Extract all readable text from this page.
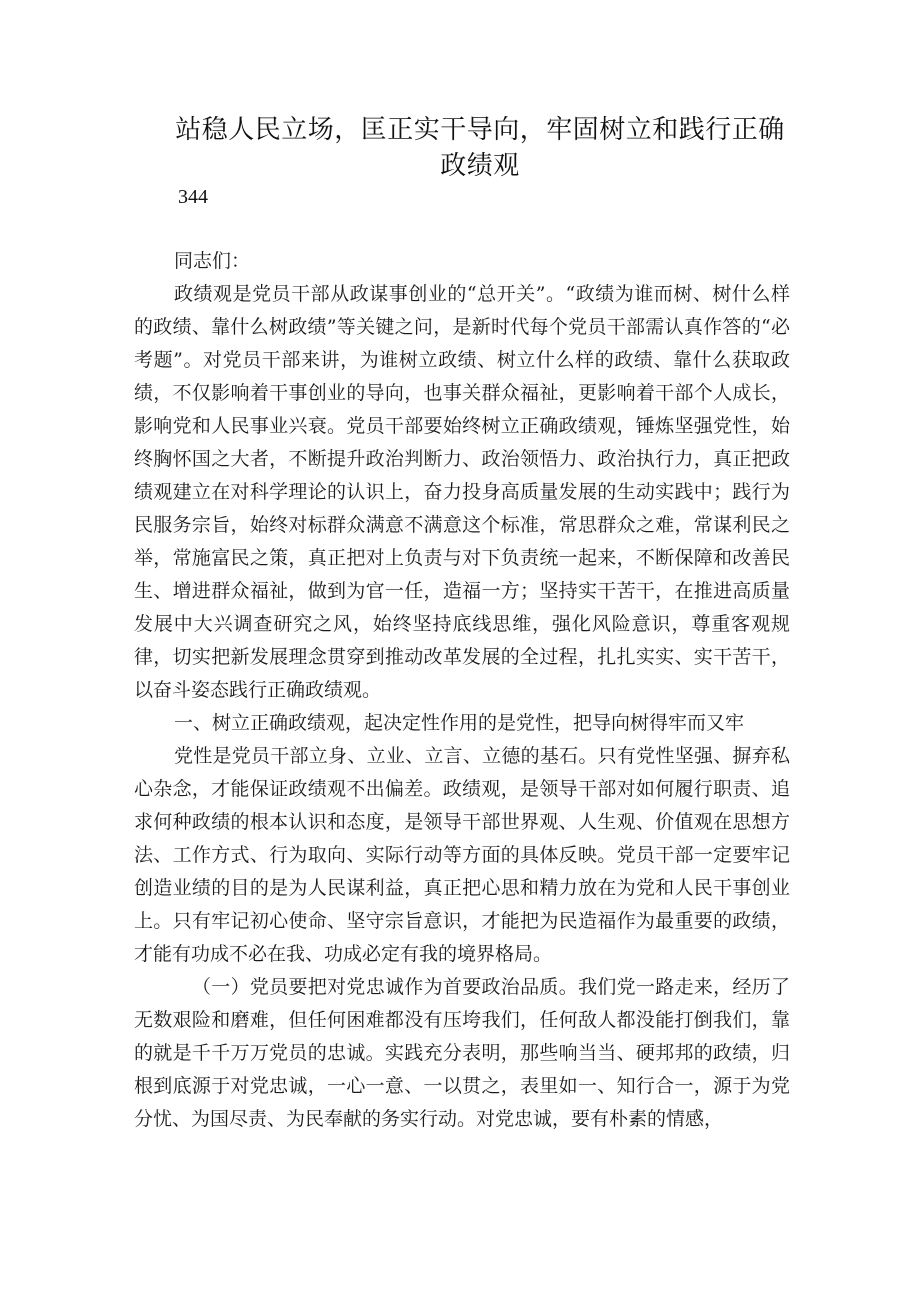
站稳人民立场，匡正实干导向，牢固树立和践行正确政绩观
344

同志们：

政绩观是党员干部从政谋事创业的“总开关”。“政绩为谁而树、树什么样的政绩、靠什么树政绩”等关键之问，是新时代每个党员干部需认真作答的“必考题”。对党员干部来讲，为谁树立政绩、树立什么样的政绩、靠什么获取政绩，不仅影响着干事创业的导向，也事关群众福祉，更影响着干部个人成长，影响党和人民事业兴衰。党员干部要始终树立正确政绩观，锤炼坚强党性，始终胸怀国之大者，不断提升政治判断力、政治领悟力、政治执行力，真正把政绩观建立在对科学理论的认识上，奋力投身高质量发展的生动实践中；践行为民服务宗旨，始终对标群众满意不满意这个标准，常思群众之难，常谋利民之举，常施富民之策，真正把对上负责与对下负责统一起来，不断保障和改善民生、增进群众福祉，做到为官一任，造福一方；坚持实干苦干，在推进高质量发展中大兴调查研究之风，始终坚持底线思维，强化风险意识，尊重客观规律，切实把新发展理念贯穿到推动改革发展的全过程，扎扎实实、实干苦干，以奋斗姿态践行正确政绩观。

一、树立正确政绩观，起决定性作用的是党性，把导向树得牢而又牢

党性是党员干部立身、立业、立言、立德的基石。只有党性坚强、摒弃私心杂念，才能保证政绩观不出偏差。政绩观，是领导干部对如何履行职责、追求何种政绩的根本认识和态度，是领导干部世界观、人生观、价值观在思想方法、工作方式、行为取向、实际行动等方面的具体反映。党员干部一定要牢记创造业绩的目的是为人民谋利益，真正把心思和精力放在为党和人民干事创业上。只有牢记初心使命、坚守宗旨意识，才能把为民造福作为最重要的政绩，才能有功成不必在我、功成必定有我的境界格局。

（一）党员要把对党忠诚作为首要政治品质。我们党一路走来，经历了无数艰险和磨难，但任何困难都没有压垮我们，任何敌人都没能打倒我们，靠的就是千千万万党员的忠诚。实践充分表明，那些响当当、硬邦邦的政绩，归根到底源于对党忠诚，一心一意、一以贯之，表里如一、知行合一，源于为党分忧、为国尽责、为民奉献的务实行动。对党忠诚，要有朴素的情感，
